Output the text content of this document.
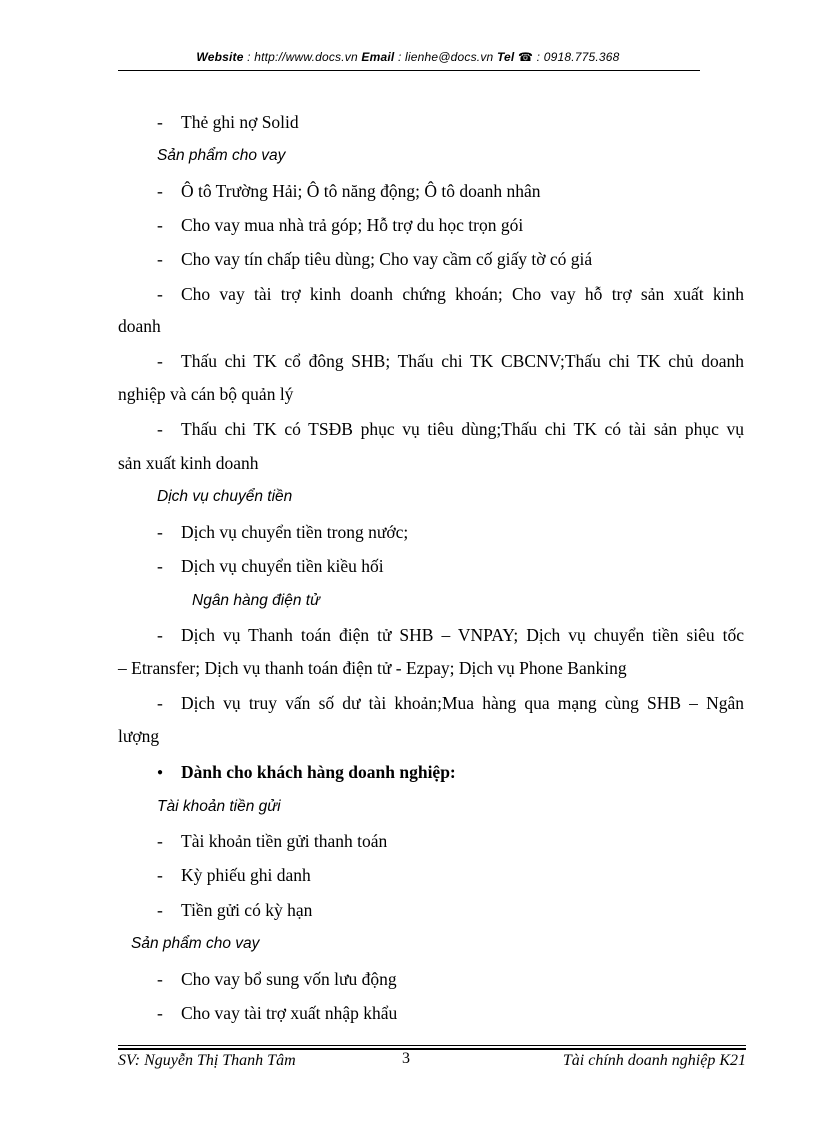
Website : http://www.docs.vn Email : lienhe@docs.vn Tel ☎ : 0918.775.368
- Thẻ ghi nợ Solid
Sản phẩm cho vay
- Ô tô Trường Hải; Ô tô năng động; Ô tô doanh nhân
- Cho vay mua nhà trả góp; Hỗ trợ du học trọn gói
- Cho vay tín chấp tiêu dùng; Cho vay cầm cố giấy tờ có giá
- Cho vay tài trợ kinh doanh chứng khoán; Cho vay hỗ trợ sản xuất kinh
doanh
- Thấu chi TK cổ đông SHB; Thấu chi TK CBCNV;Thấu chi TK chủ doanh
nghiệp và cán bộ quản lý
- Thấu chi TK có TSĐB phục vụ tiêu dùng;Thấu chi TK có tài sản phục vụ
sản xuất kinh doanh
Dịch vụ chuyển tiền
- Dịch vụ chuyển tiền trong nước;
- Dịch vụ chuyển tiền kiều hối
Ngân hàng điện tử
- Dịch vụ Thanh toán điện tử SHB – VNPAY; Dịch vụ chuyển tiền siêu tốc
– Etransfer; Dịch vụ thanh toán điện tử - Ezpay; Dịch vụ Phone Banking
- Dịch vụ truy vấn số dư tài khoản;Mua hàng qua mạng cùng SHB – Ngân
lượng
● Dành cho khách hàng doanh nghiệp:
Tài khoản tiền gửi
- Tài khoản tiền gửi thanh toán
- Kỳ phiếu ghi danh
- Tiền gửi có kỳ hạn
Sản phẩm cho vay
- Cho vay bổ sung vốn lưu động
- Cho vay tài trợ xuất nhập khẩu
SV: Nguyễn Thị Thanh Tâm	3	Tài chính doanh nghiệp K21
